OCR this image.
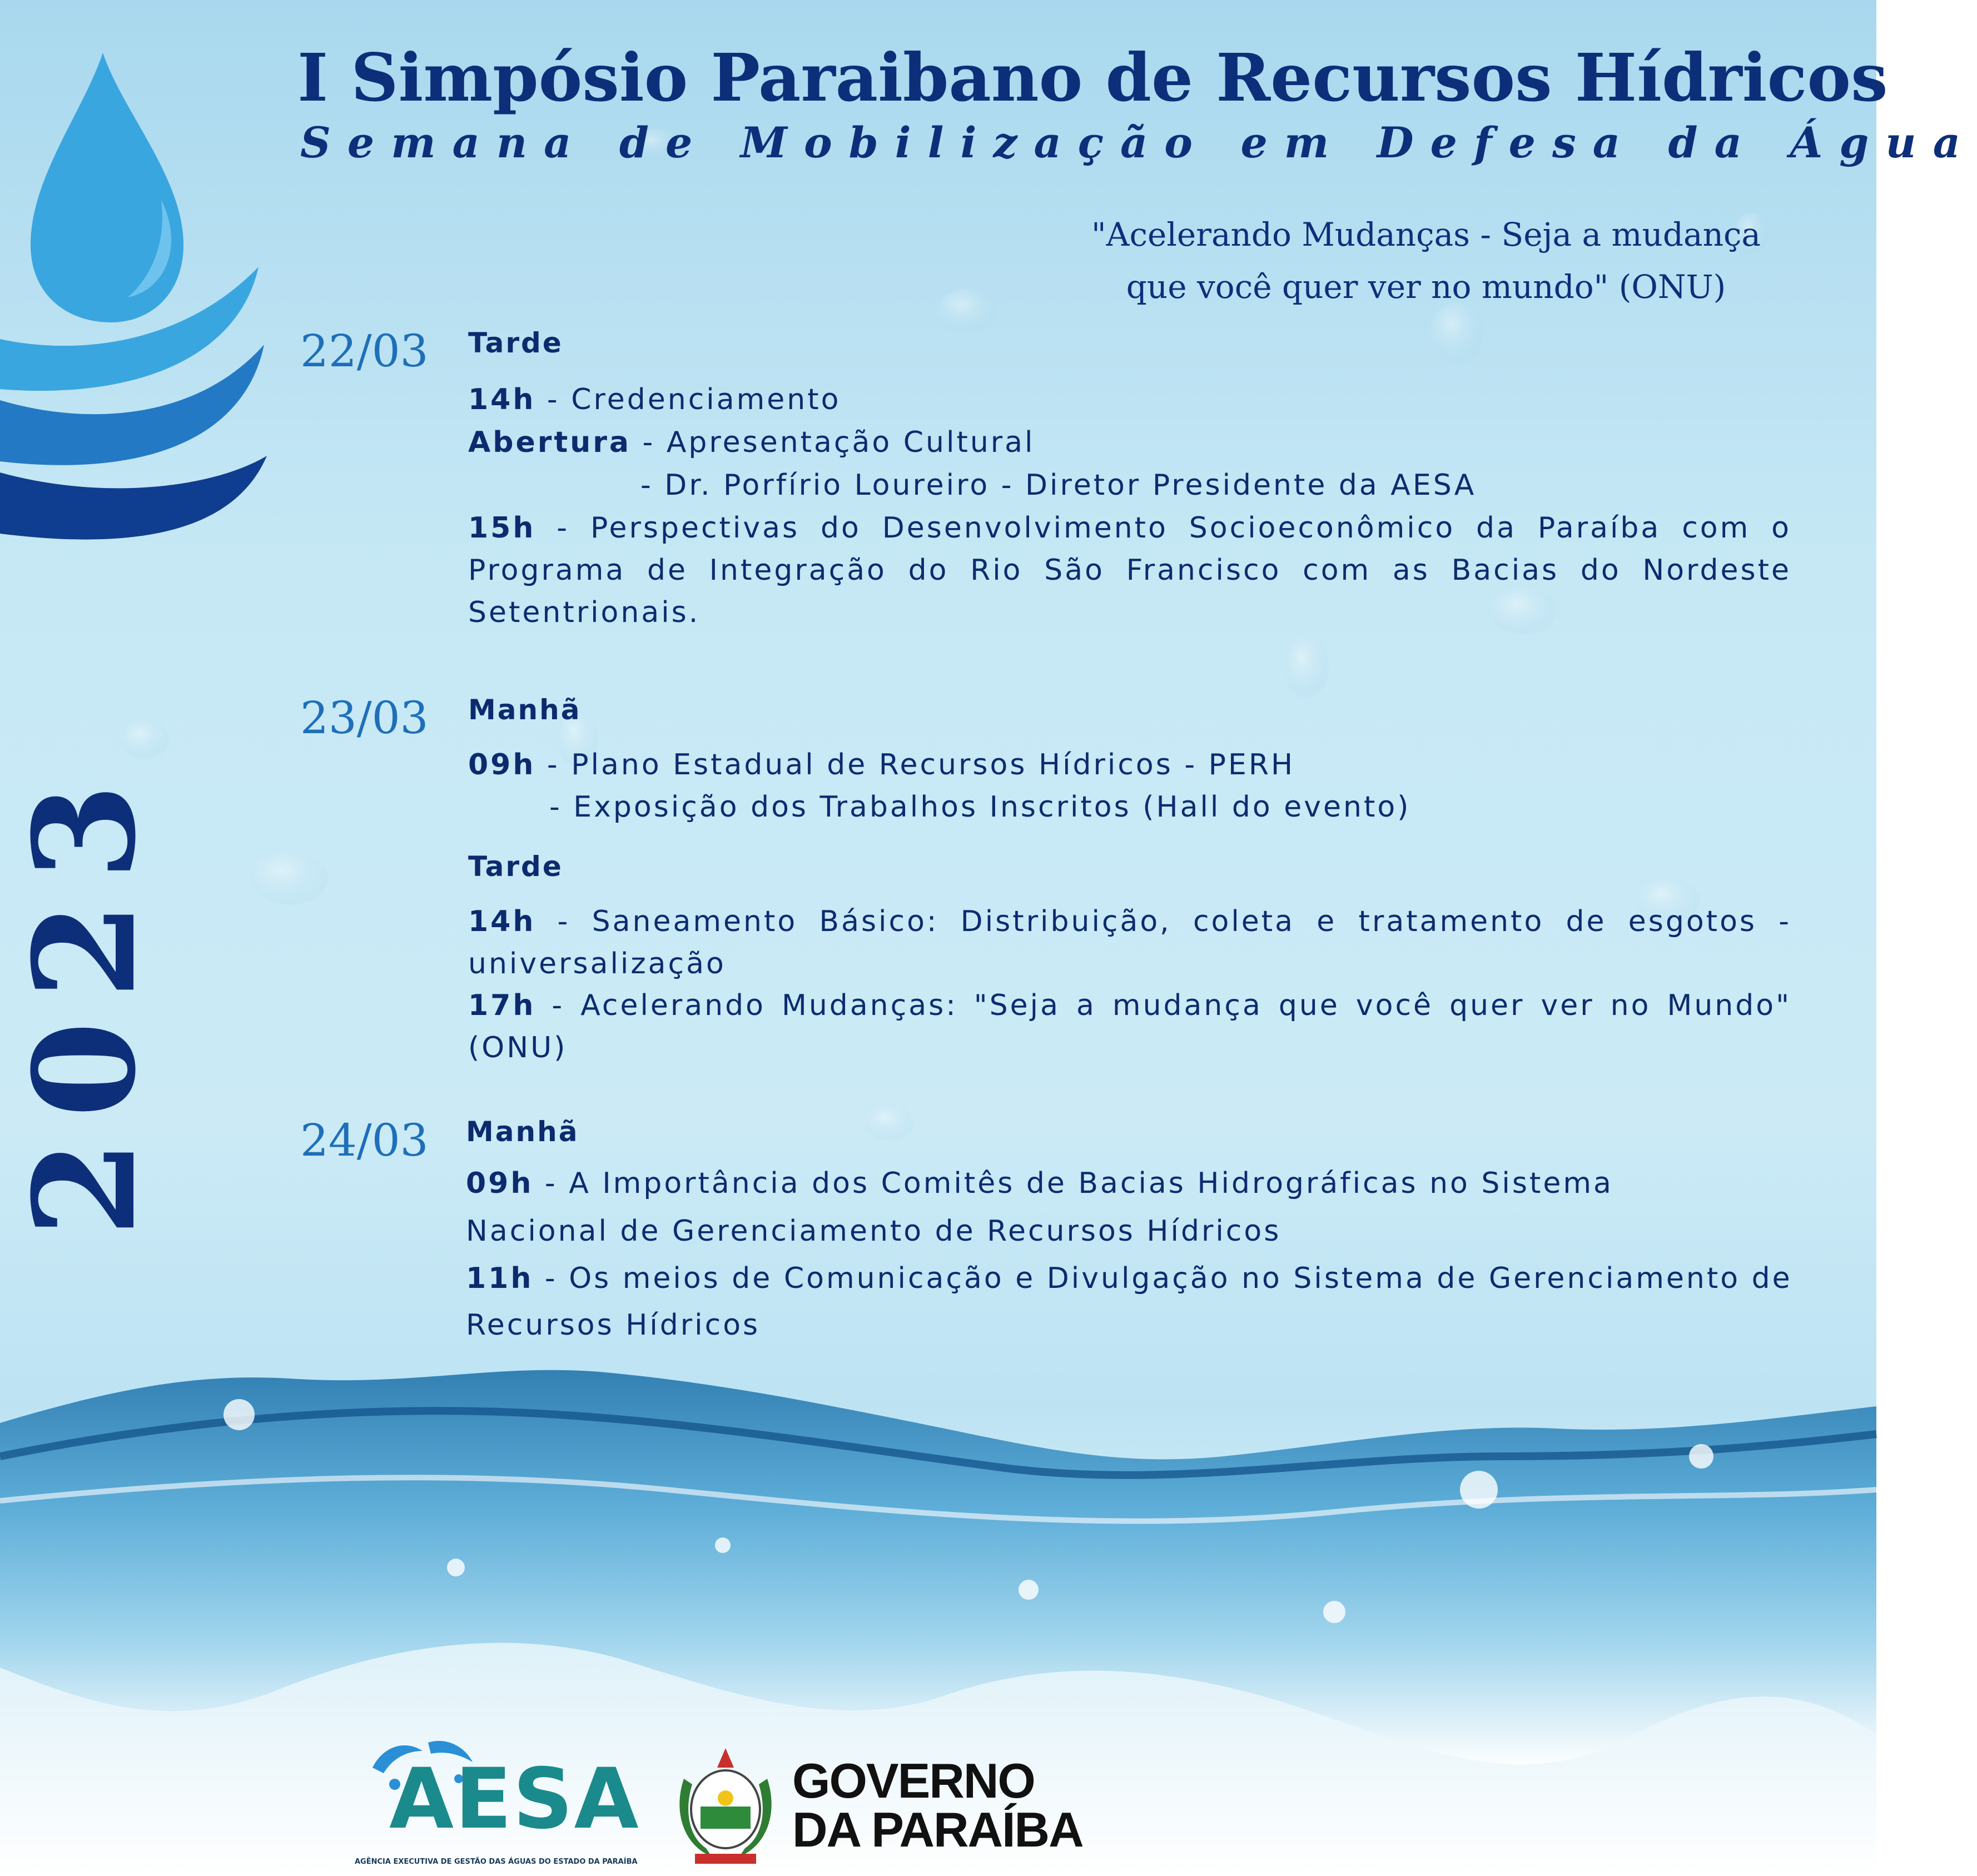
I Simpósio Paraibano de Recursos Hídricos
Semana de Mobilização em Defesa da Água
"Acelerando Mudanças - Seja a mudança
que você quer ver no mundo" (ONU)
2023
22/03 Tarde
14h - Credenciamento
Abertura - Apresentação Cultural
- Dr. Porfírio Loureiro - Diretor Presidente da AESA
15h - Perspectivas do Desenvolvimento Socioeconômico da Paraíba com o Programa de Integração do Rio São Francisco com as Bacias do Nordeste Setentrionais.
23/03 Manhã
09h - Plano Estadual de Recursos Hídricos - PERH
- Exposição dos Trabalhos Inscritos (Hall do evento)
Tarde
14h - Saneamento Básico: Distribuição, coleta e tratamento de esgotos - universalização
17h - Acelerando Mudanças: "Seja a mudança que você quer ver no Mundo" (ONU)
24/03 Manhã
09h - A Importância dos Comitês de Bacias Hidrográficas no Sistema Nacional de Gerenciamento de Recursos Hídricos
11h - Os meios de Comunicação e Divulgação no Sistema de Gerenciamento de Recursos Hídricos
AESA
AGÊNCIA EXECUTIVA DE GESTÃO DAS ÁGUAS DO ESTADO DA PARAÍBA
GOVERNO
DA PARAÍBA
